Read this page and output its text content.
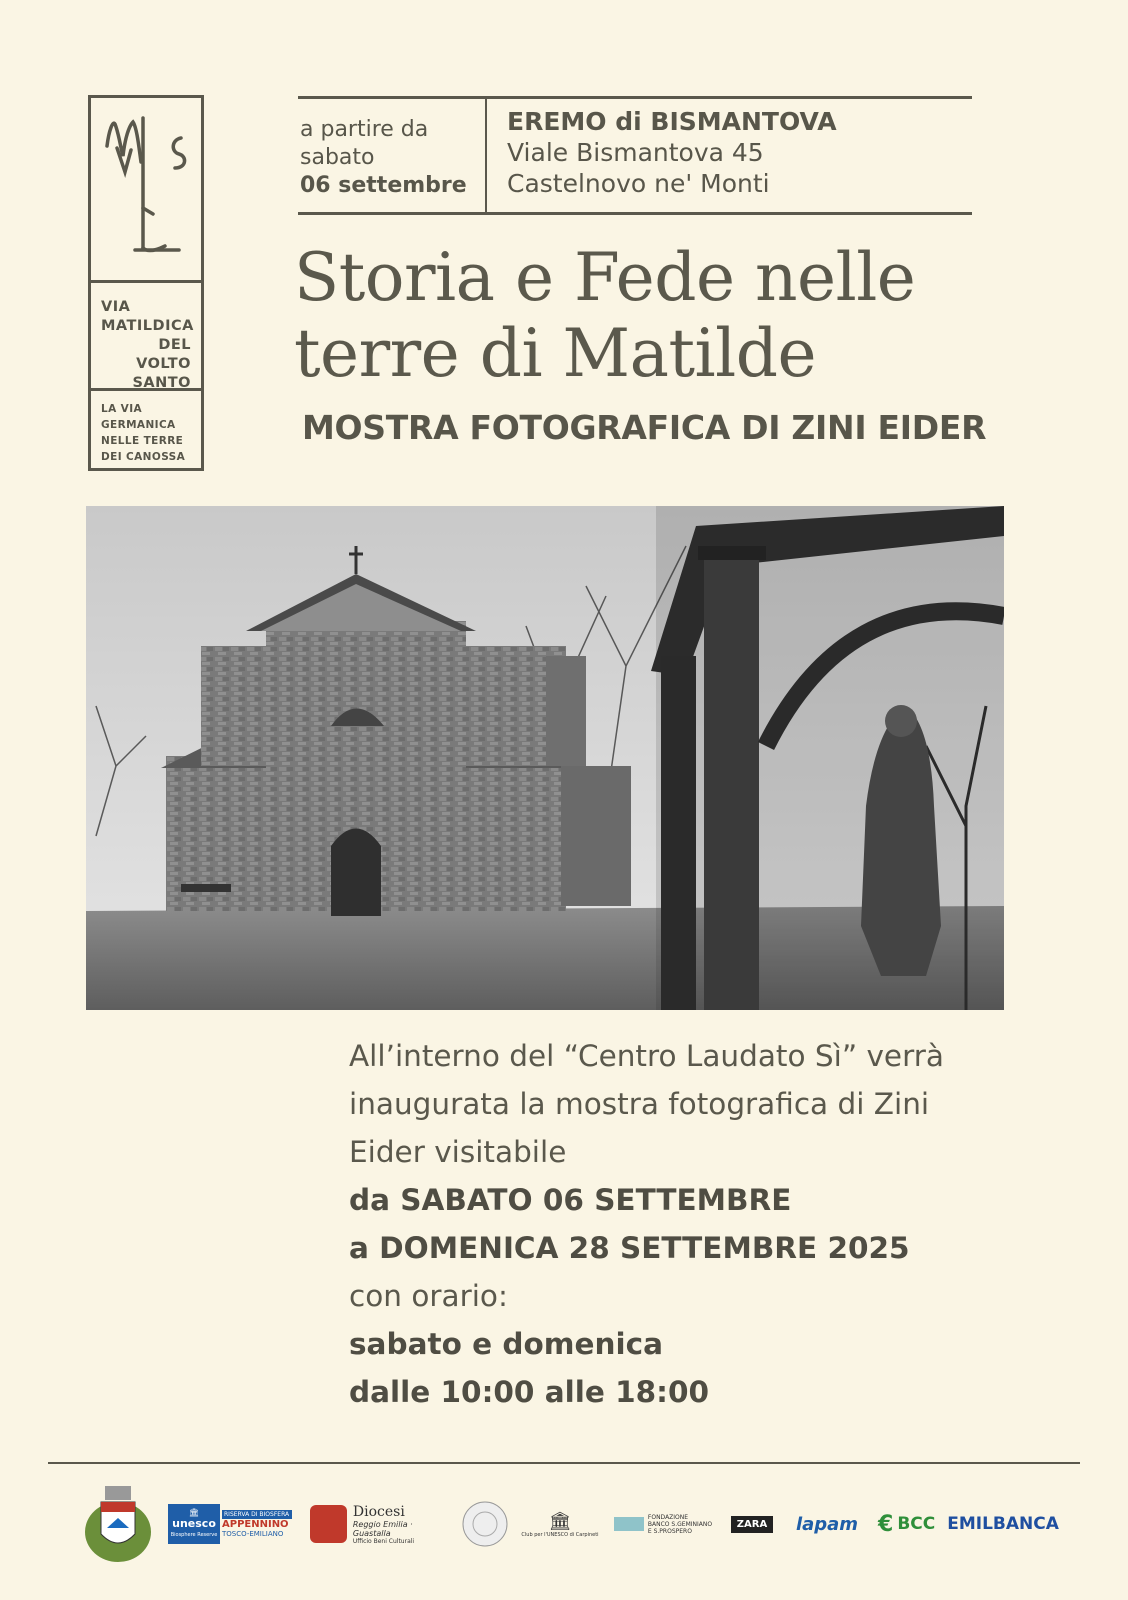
VIA
MATILDICA
DEL VOLTO
SANTO
LA VIA
GERMANICA
NELLE TERRE
DEI CANOSSA
a partire da
sabato
06 settembre
EREMO di BISMANTOVA
Viale Bismantova 45
Castelnovo ne' Monti
Storia e Fede nelle
terre di Matilde
MOSTRA FOTOGRAFICA DI ZINI EIDER
All’interno del “Centro Laudato Sì” verrà
inaugurata la mostra fotografica di Zini
Eider visitabile
da SABATO 06 SETTEMBRE
a DOMENICA 28 SETTEMBRE 2025
con orario:
sabato e domenica
dalle 10:00 alle 18:00
🏛
unesco
Biosphere Reserve
RISERVA DI BIOSFERA
APPENNINO
TOSCO-EMILIANO
Diocesi
Reggio Emilia · Guastalla
Ufficio Beni Culturali
🏛
Club per l'UNESCO di Carpineti
FONDAZIONE
BANCO S.GEMINIANO
E S.PROSPERO
ZARA	lapam € BCC EMILBANCA
